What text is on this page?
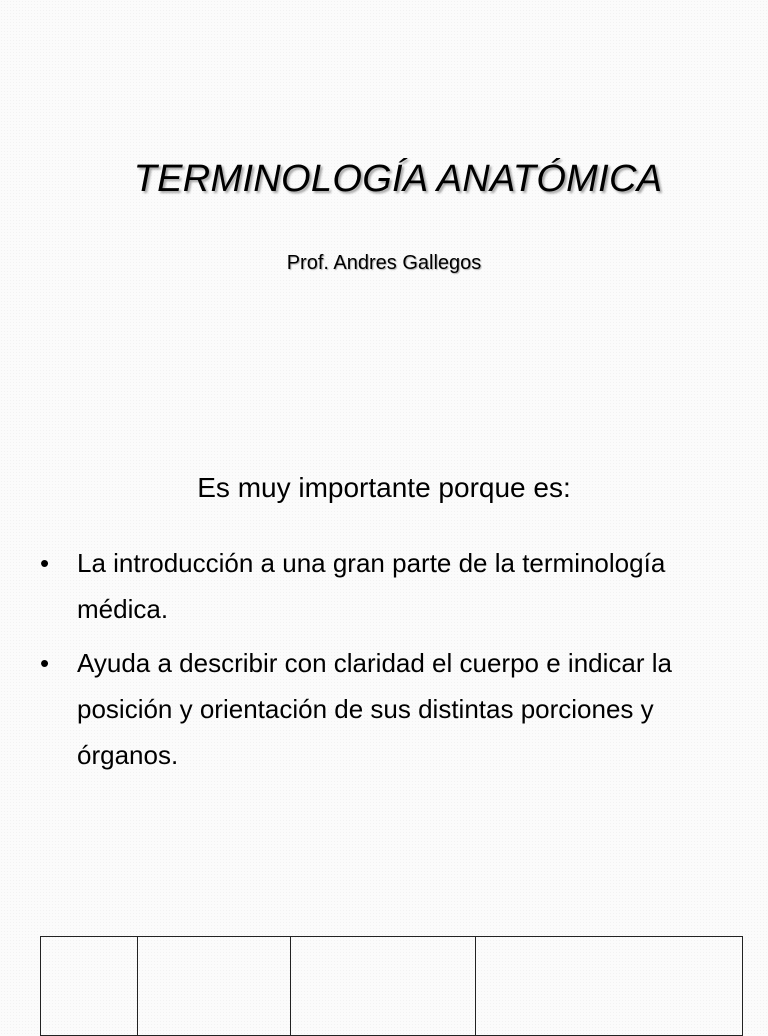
TERMINOLOGÍA ANATÓMICA
Prof. Andres Gallegos
Es muy importante porque es:
• La introducción a una gran parte de la terminología médica.
• Ayuda a describir con claridad el cuerpo e indicar la posición y orientación de sus distintas porciones y órganos.
